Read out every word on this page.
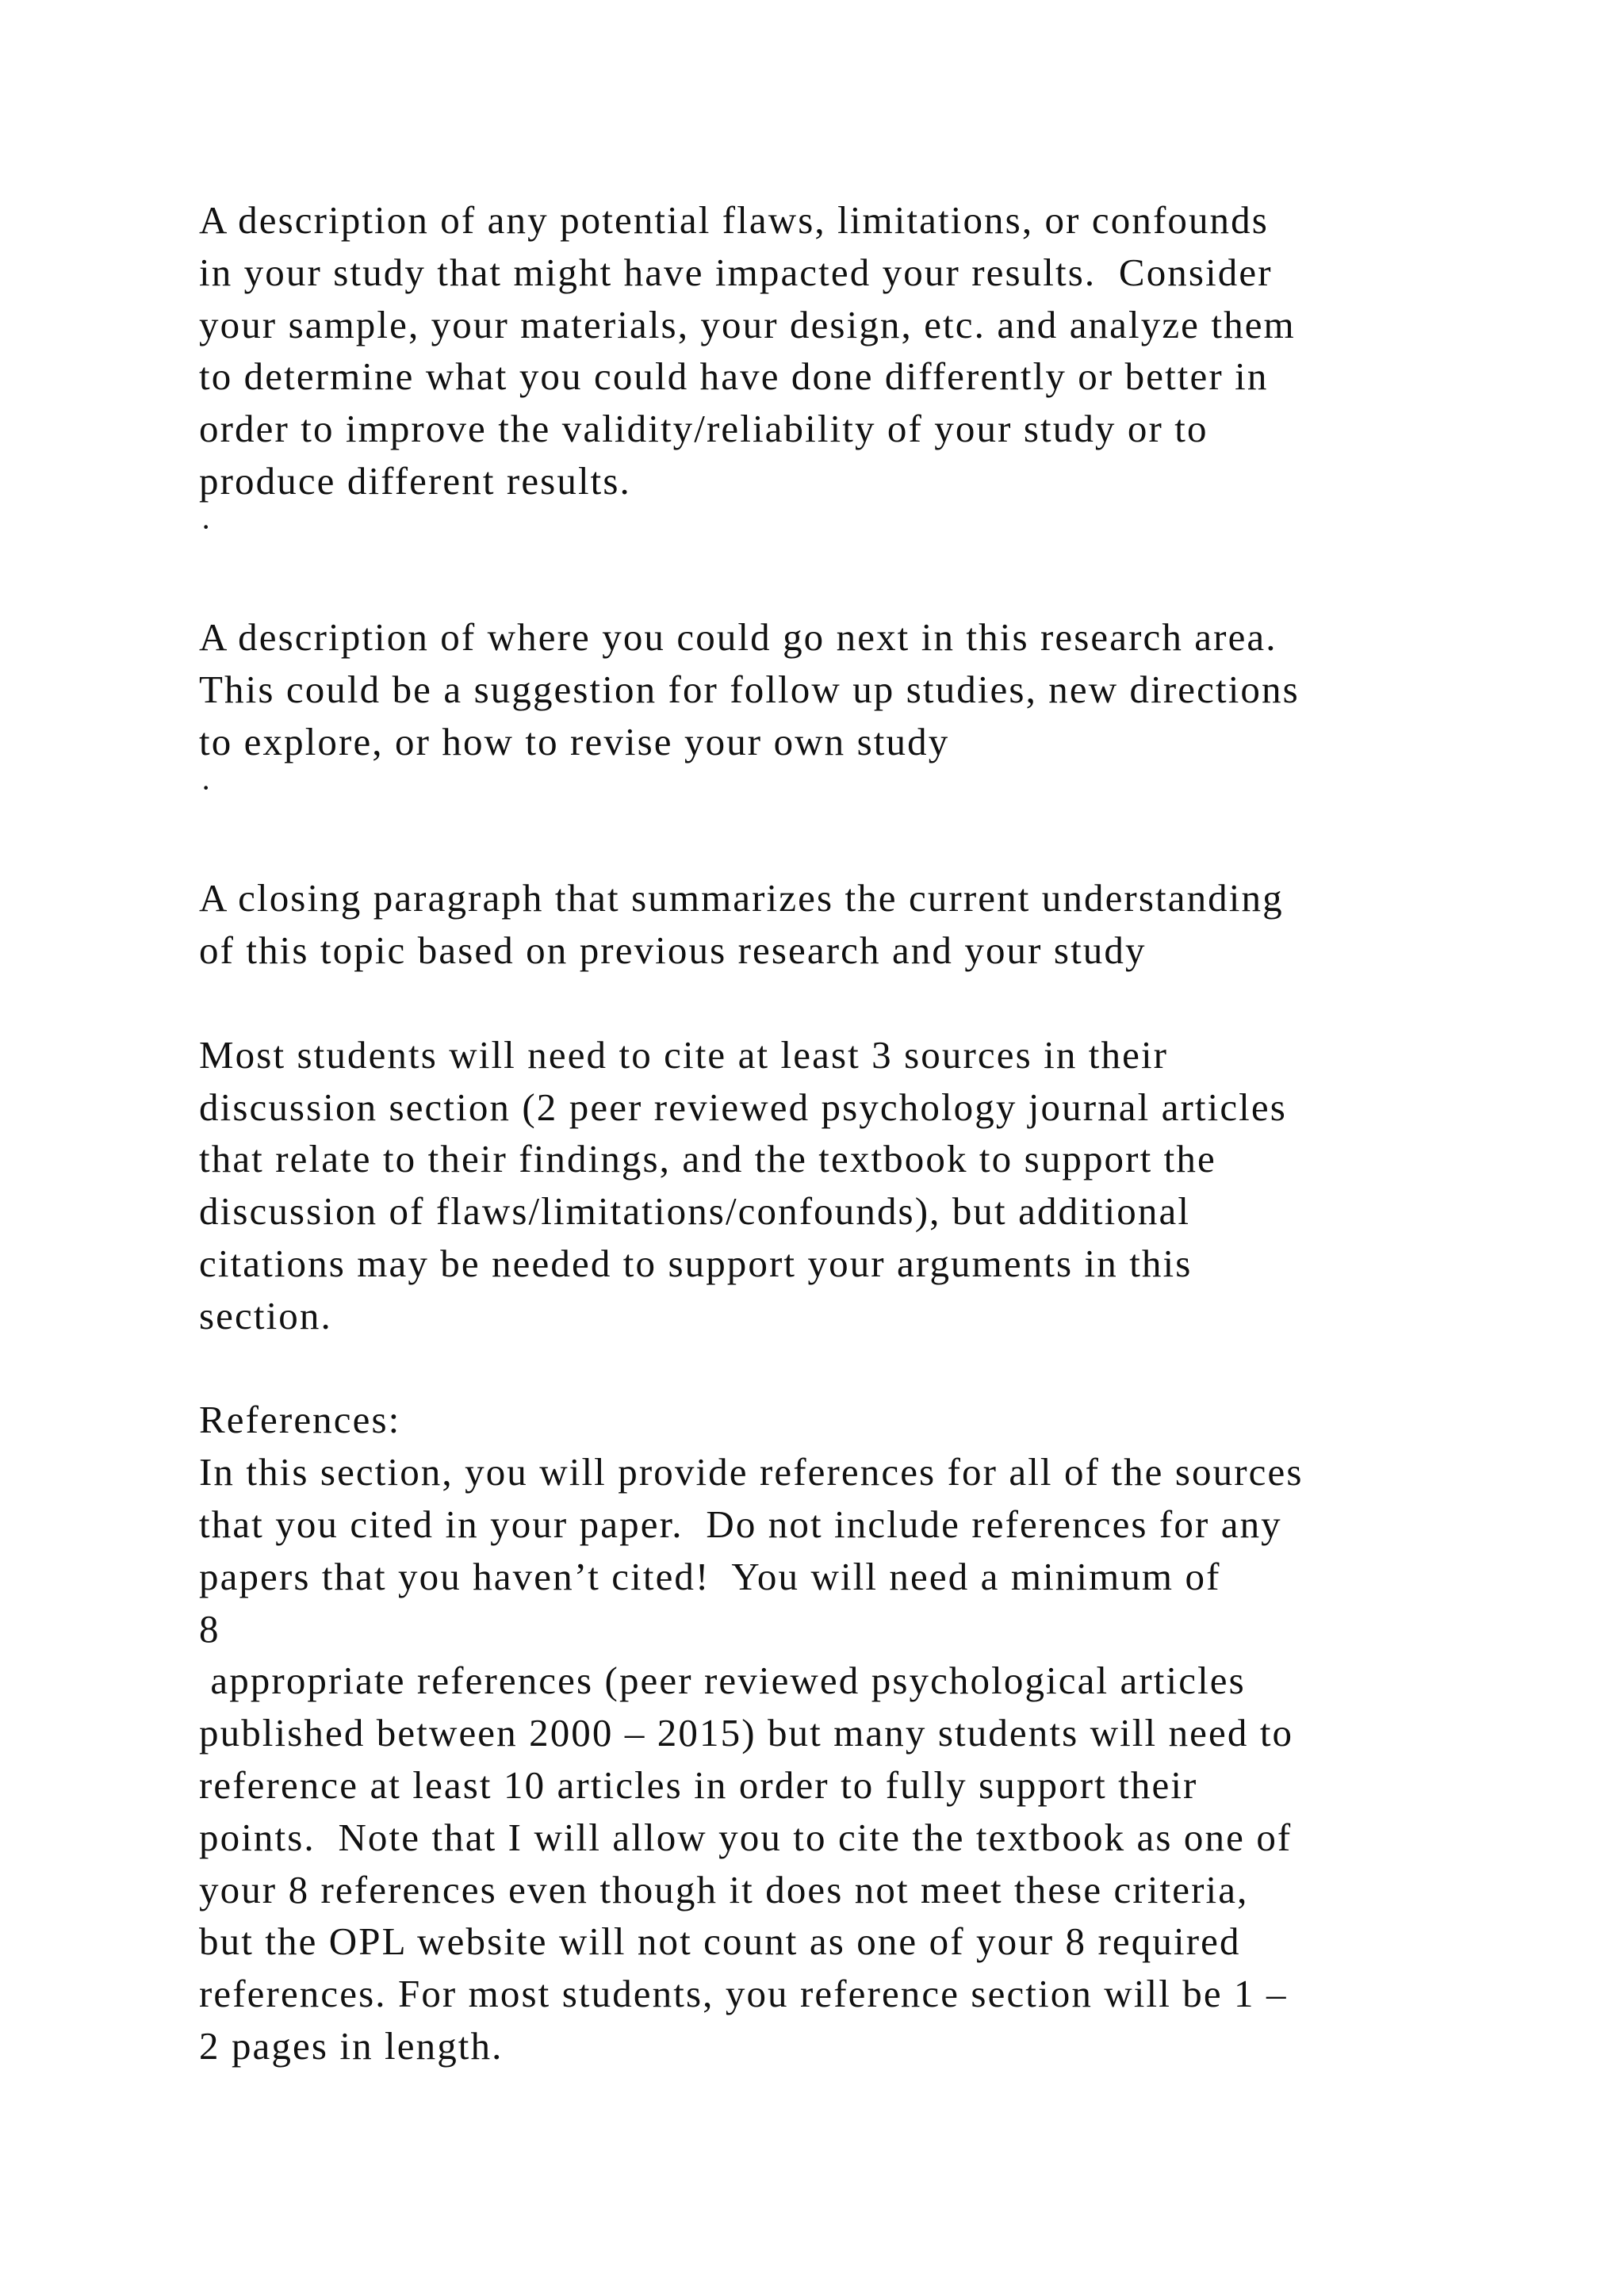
A description of any potential flaws, limitations, or confounds
in your study that might have impacted your results.  Consider
your sample, your materials, your design, etc. and analyze them
to determine what you could have done differently or better in
order to improve the validity/reliability of your study or to
produce different results.
·
A description of where you could go next in this research area.
This could be a suggestion for follow up studies, new directions
to explore, or how to revise your own study
·
A closing paragraph that summarizes the current understanding
of this topic based on previous research and your study
Most students will need to cite at least 3 sources in their
discussion section (2 peer reviewed psychology journal articles
that relate to their findings, and the textbook to support the
discussion of flaws/limitations/confounds), but additional
citations may be needed to support your arguments in this
section.
References:
In this section, you will provide references for all of the sources
that you cited in your paper.  Do not include references for any
papers that you haven’t cited!  You will need a minimum of
8
appropriate references (peer reviewed psychological articles
published between 2000 – 2015) but many students will need to
reference at least 10 articles in order to fully support their
points.  Note that I will allow you to cite the textbook as one of
your 8 references even though it does not meet these criteria,
but the OPL website will not count as one of your 8 required
references. For most students, you reference section will be 1 –
2 pages in length.
